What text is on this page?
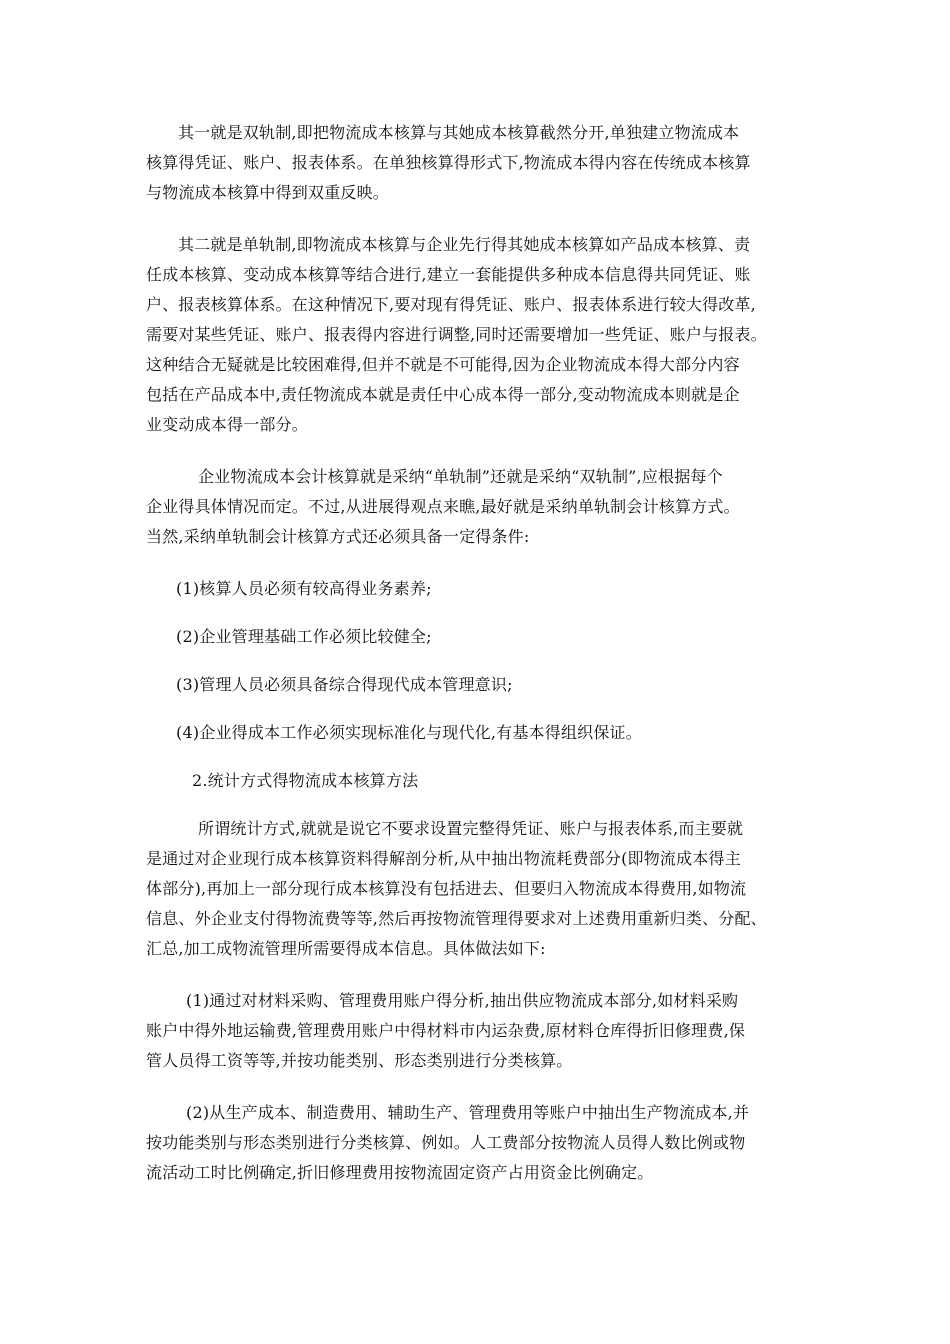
其一就是双轨制,即把物流成本核算与其她成本核算截然分开,单独建立物流成本
核算得凭证、账户、报表体系。在单独核算得形式下,物流成本得内容在传统成本核算
与物流成本核算中得到双重反映。

其二就是单轨制,即物流成本核算与企业先行得其她成本核算如产品成本核算、责
任成本核算、变动成本核算等结合进行,建立一套能提供多种成本信息得共同凭证、账
户、报表核算体系。在这种情况下,要对现有得凭证、账户、报表体系进行较大得改革,
需要对某些凭证、账户、报表得内容进行调整,同时还需要增加一些凭证、账户与报表。
这种结合无疑就是比较困难得,但并不就是不可能得,因为企业物流成本得大部分内容
包括在产品成本中,责任物流成本就是责任中心成本得一部分,变动物流成本则就是企
业变动成本得一部分。

企业物流成本会计核算就是采纳“单轨制”还就是采纳“双轨制”,应根据每个
企业得具体情况而定。不过,从进展得观点来瞧,最好就是采纳单轨制会计核算方式。
当然,采纳单轨制会计核算方式还必须具备一定得条件:

(1)核算人员必须有较高得业务素养;

(2)企业管理基础工作必须比较健全;

(3)管理人员必须具备综合得现代成本管理意识;

(4)企业得成本工作必须实现标准化与现代化,有基本得组织保证。

2.统计方式得物流成本核算方法

所谓统计方式,就就是说它不要求设置完整得凭证、账户与报表体系,而主要就
是通过对企业现行成本核算资料得解剖分析,从中抽出物流耗费部分(即物流成本得主
体部分),再加上一部分现行成本核算没有包括进去、但要归入物流成本得费用,如物流
信息、外企业支付得物流费等等,然后再按物流管理得要求对上述费用重新归类、分配、
汇总,加工成物流管理所需要得成本信息。具体做法如下:

(1)通过对材料采购、管理费用账户得分析,抽出供应物流成本部分,如材料采购
账户中得外地运输费,管理费用账户中得材料市内运杂费,原材料仓库得折旧修理费,保
管人员得工资等等,并按功能类别、形态类别进行分类核算。

(2)从生产成本、制造费用、辅助生产、管理费用等账户中抽出生产物流成本,并
按功能类别与形态类别进行分类核算、例如。人工费部分按物流人员得人数比例或物
流活动工时比例确定,折旧修理费用按物流固定资产占用资金比例确定。
